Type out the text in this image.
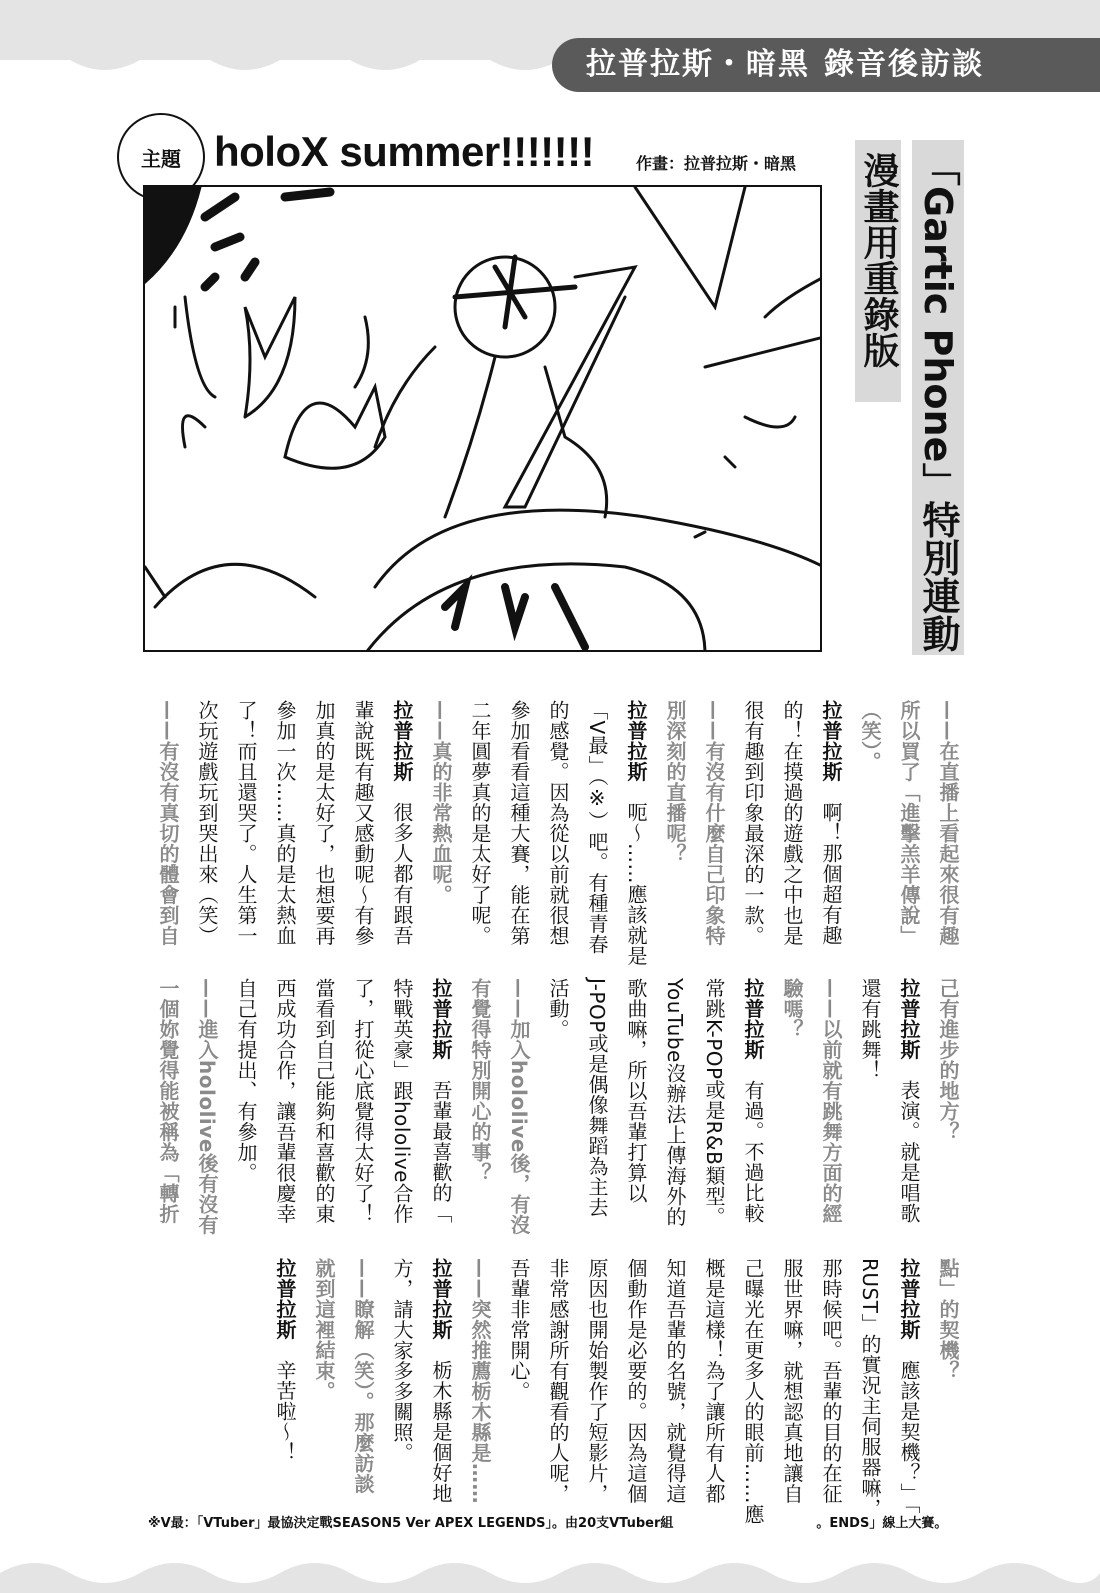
拉普拉斯・暗黑 錄音後訪談
主題 holoX summer!!!!!!!	作畫：拉普拉斯・暗黑	「Gartic Phone」特別連動
漫畫用重錄版
——在直播上看起來很有趣
所以買了「進擊羔羊傳說」
（笑）。
拉普拉斯啊！那個超有趣
的！在摸過的遊戲之中也是
很有趣到印象最深的一款。
——有沒有什麼自己印象特
別深刻的直播呢？
拉普拉斯呃～……應該就是
「V最」（※）吧。有種青春
的感覺。因為從以前就很想
參加看看這種大賽，能在第
二年圓夢真的是太好了呢。
——真的非常熱血呢。
拉普拉斯很多人都有跟吾
輩說既有趣又感動呢～有參
加真的是太好了，也想要再
參加一次……真的是太熱血
了！而且還哭了。人生第一
次玩遊戲玩到哭出來（笑）
——有沒有真切的體會到自
己有進步的地方？
拉普拉斯表演。就是唱歌
還有跳舞！
——以前就有跳舞方面的經
驗嗎？
拉普拉斯有過。不過比較
常跳K-POP或是R&B類型。
YouTube沒辦法上傳海外的
歌曲嘛，所以吾輩打算以
J-POP或是偶像舞蹈為主去
活動。
——加入hololive後，有沒
有覺得特別開心的事？
拉普拉斯吾輩最喜歡的「
特戰英豪」跟hololive合作
了，打從心底覺得太好了！
當看到自己能夠和喜歡的東
西成功合作，讓吾輩很慶幸
自己有提出、有參加。
——進入hololive後有沒有
一個妳覺得能被稱為「轉折
點」的契機？
拉普拉斯應該是契機？」「
RUST」的實況主伺服器嘛，
那時候吧。吾輩的目的在征
服世界嘛，就想認真地讓自
己曝光在更多人的眼前……應
概是這樣！為了讓所有人都
知道吾輩的名號，就覺得這
個動作是必要的。因為這個
原因也開始製作了短影片，
非常感謝所有觀看的人呢，
吾輩非常開心。
——突然推薦栃木縣是……
拉普拉斯栃木縣是個好地
方，請大家多多關照。
——瞭解（笑）。那麼訪談
就到這裡結束。
拉普拉斯辛苦啦～！
※V最：「VTuber」最協決定戰SEASON5 Ver APEX LEGENDS」。由20支VTuber組　　　　　　　　　　　。ENDS」線上大賽。
